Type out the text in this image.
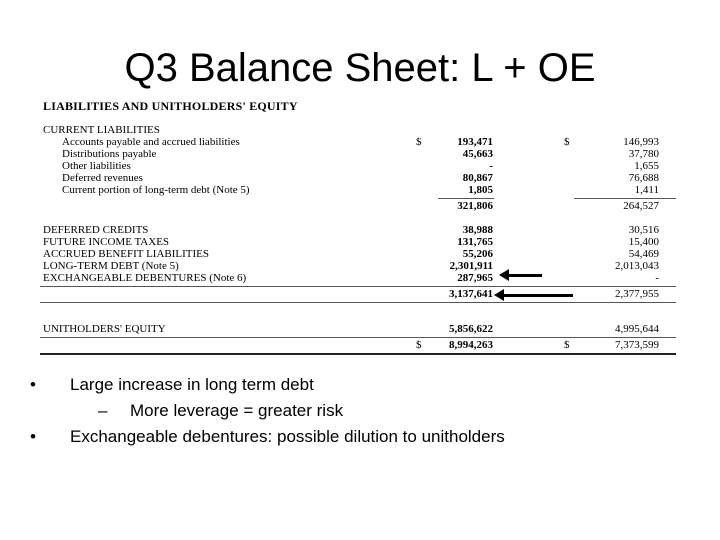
Q3 Balance Sheet: L + OE
LIABILITIES AND UNITHOLDERS' EQUITY
CURRENT LIABILITIES
Accounts payable and accrued liabilities	$	193,471	$	146,993
Distributions payable	45,663	37,780
Other liabilities	-	1,655
Deferred revenues	80,867	76,688
Current portion of long-term debt (Note 5)	1,805	1,411
321,806	264,527
DEFERRED CREDITS	38,988	30,516
FUTURE INCOME TAXES	131,765	15,400
ACCRUED BENEFIT LIABILITIES	55,206	54,469
LONG-TERM DEBT (Note 5)	2,301,911	2,013,043
EXCHANGEABLE DEBENTURES (Note 6)	287,965	-
3,137,641	2,377,955
UNITHOLDERS' EQUITY	5,856,622	4,995,644
$	8,994,263	$	7,373,599
• Large increase in long term debt
– More leverage = greater risk
• Exchangeable debentures: possible dilution to unitholders
